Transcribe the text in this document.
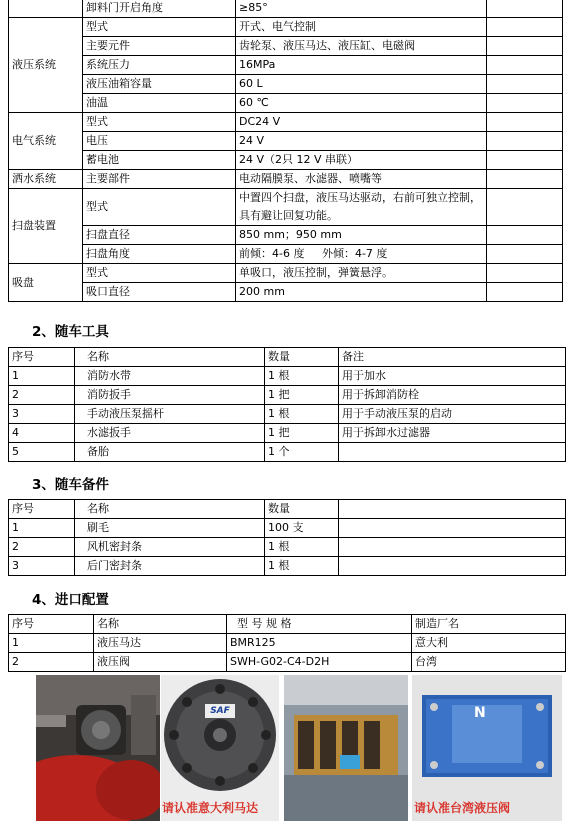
	卸料门开启角度	≥85°	
液压系统	型式	开式、电气控制	
	主要元件	齿轮泵、液压马达、液压缸、电磁阀	
	系统压力	16MPa	
	液压油箱容量	60 L	
	油温	60 ℃	
电气系统	型式	DC24 V	
	电压	24 V	
	蓄电池	24 V（2只 12 V 串联）	
洒水系统	主要部件	电动隔膜泵、水滤器、喷嘴等	
扫盘装置	型式	中置四个扫盘，液压马达驱动，右前可独立控制，具有避让回复功能。	
	扫盘直径	850 mm；950 mm	
	扫盘角度	前倾：4-6 度     外倾：4-7 度	
吸盘	型式	单吸口，液压控制，弹簧悬浮。	
	吸口直径	200 mm	
2、随车工具
序号	名称	数量	备注
1	消防水带	1 根	用于加水
2	消防扳手	1 把	用于拆卸消防栓
3	手动液压泵摇杆	1 根	用于手动液压泵的启动
4	水滤扳手	1 把	用于拆卸水过滤器
5	备胎	1 个	
3、随车备件
序号	名称	数量	
1	刷毛	100 支	
2	风机密封条	1 根	
3	后门密封条	1 根	
4、进口配置
序号	名称	型 号 规 格	制造厂名
1	液压马达	BMR125	意大利
2	液压阀	SWH-G02-C4-D2H	台湾
SAF	N
请认准意大利马达	请认准台湾液压阀
